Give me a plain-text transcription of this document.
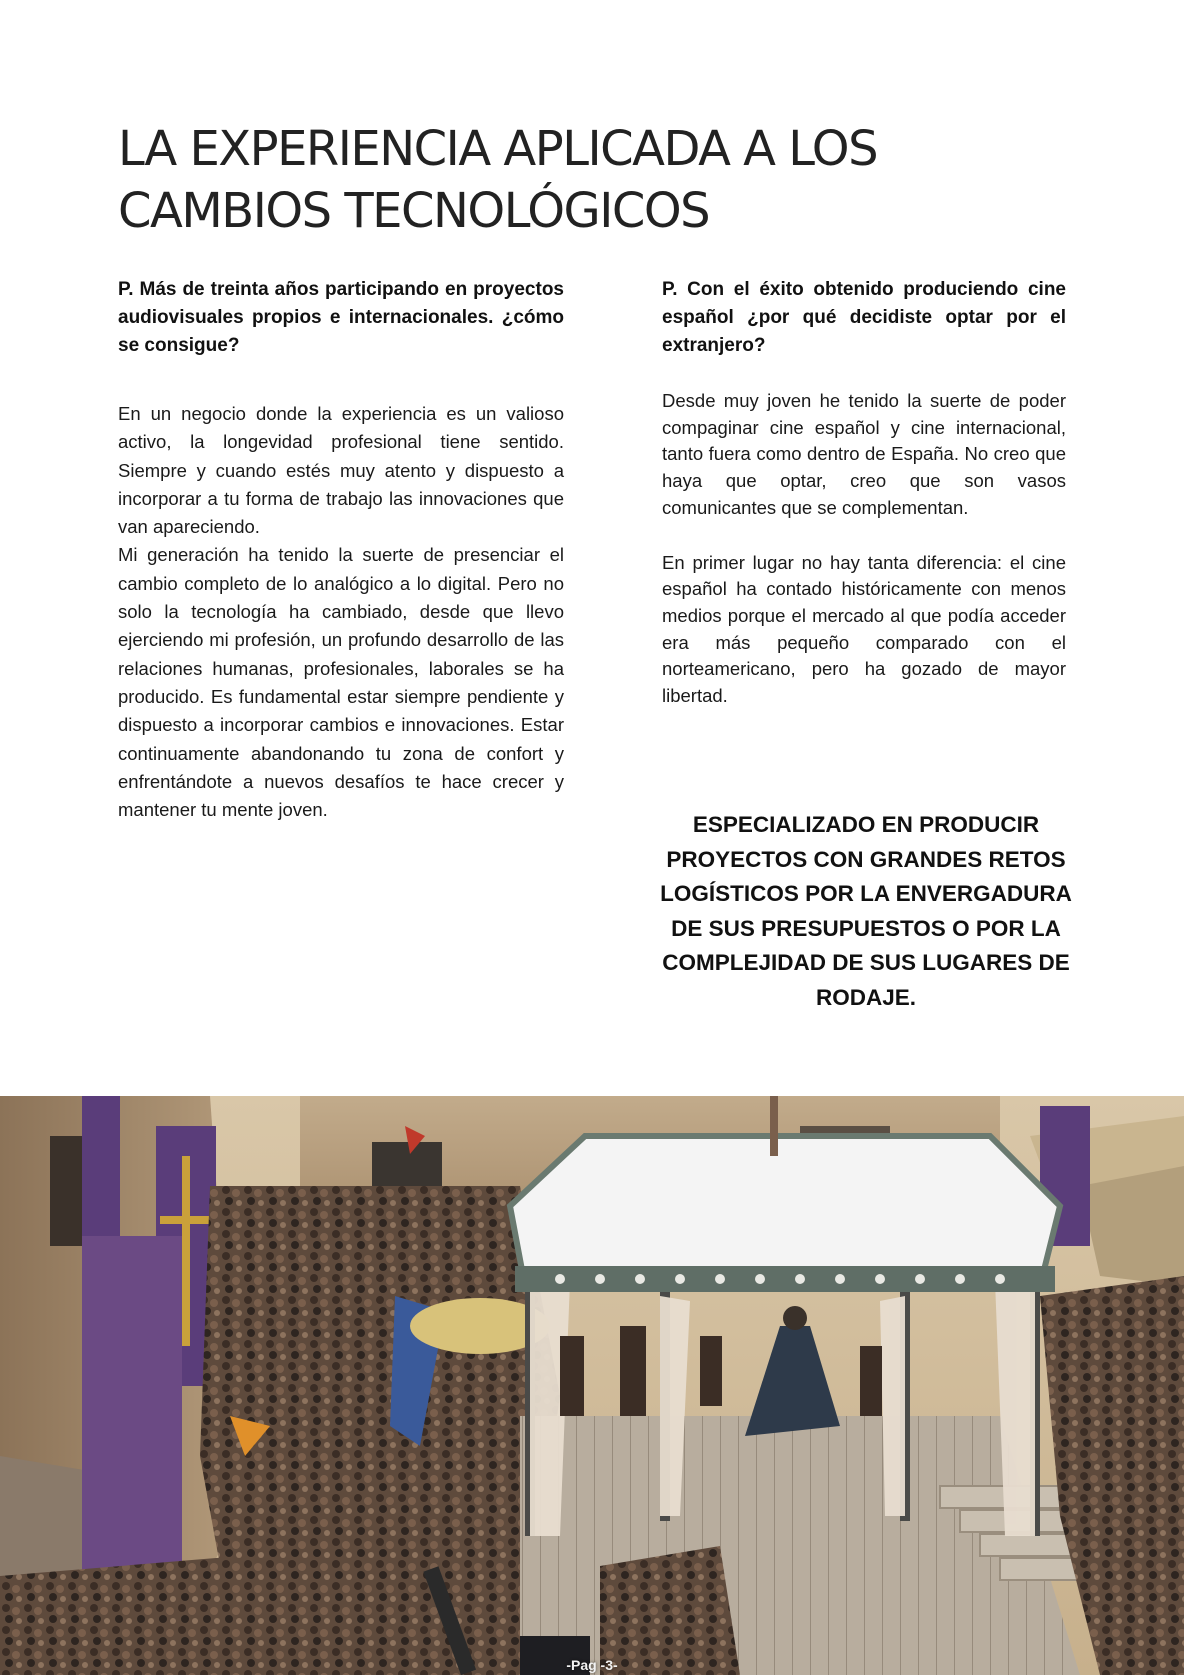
LA EXPERIENCIA APLICADA A LOS
CAMBIOS TECNOLÓGICOS

P. Más de treinta años participando en proyectos audiovisuales propios e internacionales. ¿cómo se consigue?

En un negocio donde la experiencia es un valioso activo, la longevidad profesional tiene sentido. Siempre y cuando estés muy atento y dispuesto a incorporar a tu forma de trabajo las innovaciones que van apareciendo.

Mi generación ha tenido la suerte de presenciar el cambio completo de lo analógico a lo digital. Pero no solo la tecnología ha cambiado, desde que llevo ejerciendo mi profesión, un profundo desarrollo de las relaciones humanas, profesionales, laborales se ha producido. Es fundamental estar siempre pendiente y dispuesto a incorporar cambios e innovaciones. Estar continuamente abandonando tu zona de confort y enfrentándote a nuevos desafíos te hace crecer y mantener tu mente joven.

P. Con el éxito obtenido produciendo cine español ¿por qué decidiste optar por el extranjero?

Desde muy joven he tenido la suerte de poder compaginar cine español y cine internacional, tanto fuera como dentro de España. No creo que haya que optar, creo que son vasos comunicantes que se complementan.

En primer lugar no hay tanta diferencia: el cine español ha contado históricamente con menos medios porque el mercado al que podía acceder era más pequeño comparado con el norteamericano, pero ha gozado de mayor libertad.

ESPECIALIZADO EN PRODUCIR PROYECTOS CON GRANDES RETOS LOGÍSTICOS POR LA ENVERGADURA DE SUS PRESUPUESTOS O POR LA COMPLEJIDAD DE SUS LUGARES DE RODAJE.

-Pag -3-
